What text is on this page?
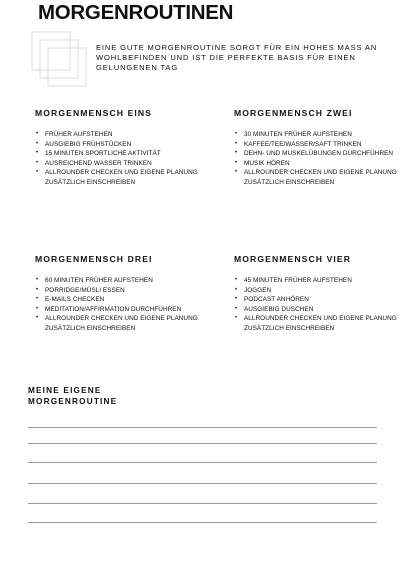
MORGENROUTINEN
EINE GUTE MORGENROUTINE SORGT FÜR EIN HOHES MASS AN WOHLBEFINDEN UND IST DIE PERFEKTE BASIS FÜR EINEN GELUNGENEN TAG
MORGENMENSCH EINS
• FRÜHER AUFSTEHEN
• AUSGIEBIG FRÜHSTÜCKEN
• 15 MINUTEN SPORTLICHE AKTIVITÄT
• AUSREICHEND WASSER TRINKEN
• ALLROUNDER CHECKEN UND EIGENE PLANUNG ZUSÄTZLICH EINSCHREIBEN
MORGENMENSCH ZWEI
• 30 MINUTEN FRÜHER AUFSTEHEN
• KAFFEE/TEE/WASSER/SAFT TRINKEN
• DEHN- UND MUSKELÜBUNGEN DURCHFÜHREN
• MUSIK HÖREN
• ALLROUNDER CHECKEN UND EIGENE PLANUNG ZUSÄTZLICH EINSCHREIBEN
MORGENMENSCH DREI
• 60 MINUTEN FRÜHER AUFSTEHEN
• PORRIDGE/MÜSLI ESSEN
• E-MAILS CHECKEN
• MEDITATION/AFFIRMATION DURCHFÜHREN
• ALLROUNDER CHECKEN UND EIGENE PLANUNG ZUSÄTZLICH EINSCHREIBEN
MORGENMENSCH VIER
• 45 MINUTEN FRÜHER AUFSTEHEN
• JOGGEN
• PODCAST ANHÖREN
• AUSGIEBIG DUSCHEN
• ALLROUNDER CHECKEN UND EIGENE PLANUNG ZUSÄTZLICH EINSCHREIBEN
MEINE EIGENE MORGENROUTINE
